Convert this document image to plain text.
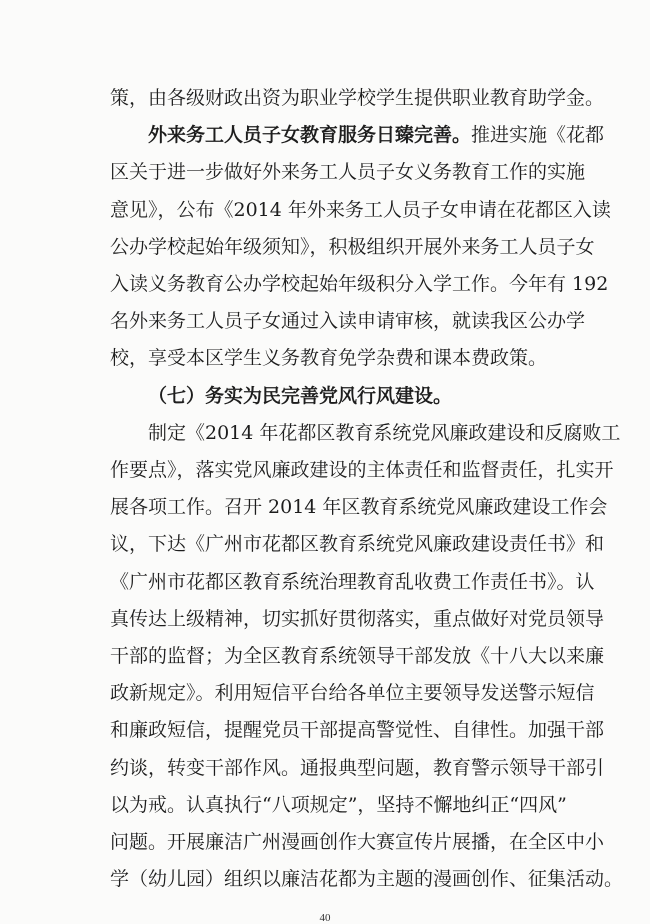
策，由各级财政出资为职业学校学生提供职业教育助学金。
外来务工人员子女教育服务日臻完善。推进实施《花都
区关于进一步做好外来务工人员子女义务教育工作的实施
意见》，公布《2014 年外来务工人员子女申请在花都区入读
公办学校起始年级须知》，积极组织开展外来务工人员子女
入读义务教育公办学校起始年级积分入学工作。今年有 192
名外来务工人员子女通过入读申请审核，就读我区公办学
校，享受本区学生义务教育免学杂费和课本费政策。
（七）务实为民完善党风行风建设。
制定《2014 年花都区教育系统党风廉政建设和反腐败工
作要点》，落实党风廉政建设的主体责任和监督责任，扎实开
展各项工作。召开 2014 年区教育系统党风廉政建设工作会
议，下达《广州市花都区教育系统党风廉政建设责任书》和
《广州市花都区教育系统治理教育乱收费工作责任书》。认
真传达上级精神，切实抓好贯彻落实，重点做好对党员领导
干部的监督；为全区教育系统领导干部发放《十八大以来廉
政新规定》。利用短信平台给各单位主要领导发送警示短信
和廉政短信，提醒党员干部提高警觉性、自律性。加强干部
约谈，转变干部作风。通报典型问题，教育警示领导干部引
以为戒。认真执行“八项规定”，坚持不懈地纠正“四风”
问题。开展廉洁广州漫画创作大赛宣传片展播，在全区中小
学（幼儿园）组织以廉洁花都为主题的漫画创作、征集活动。
40
